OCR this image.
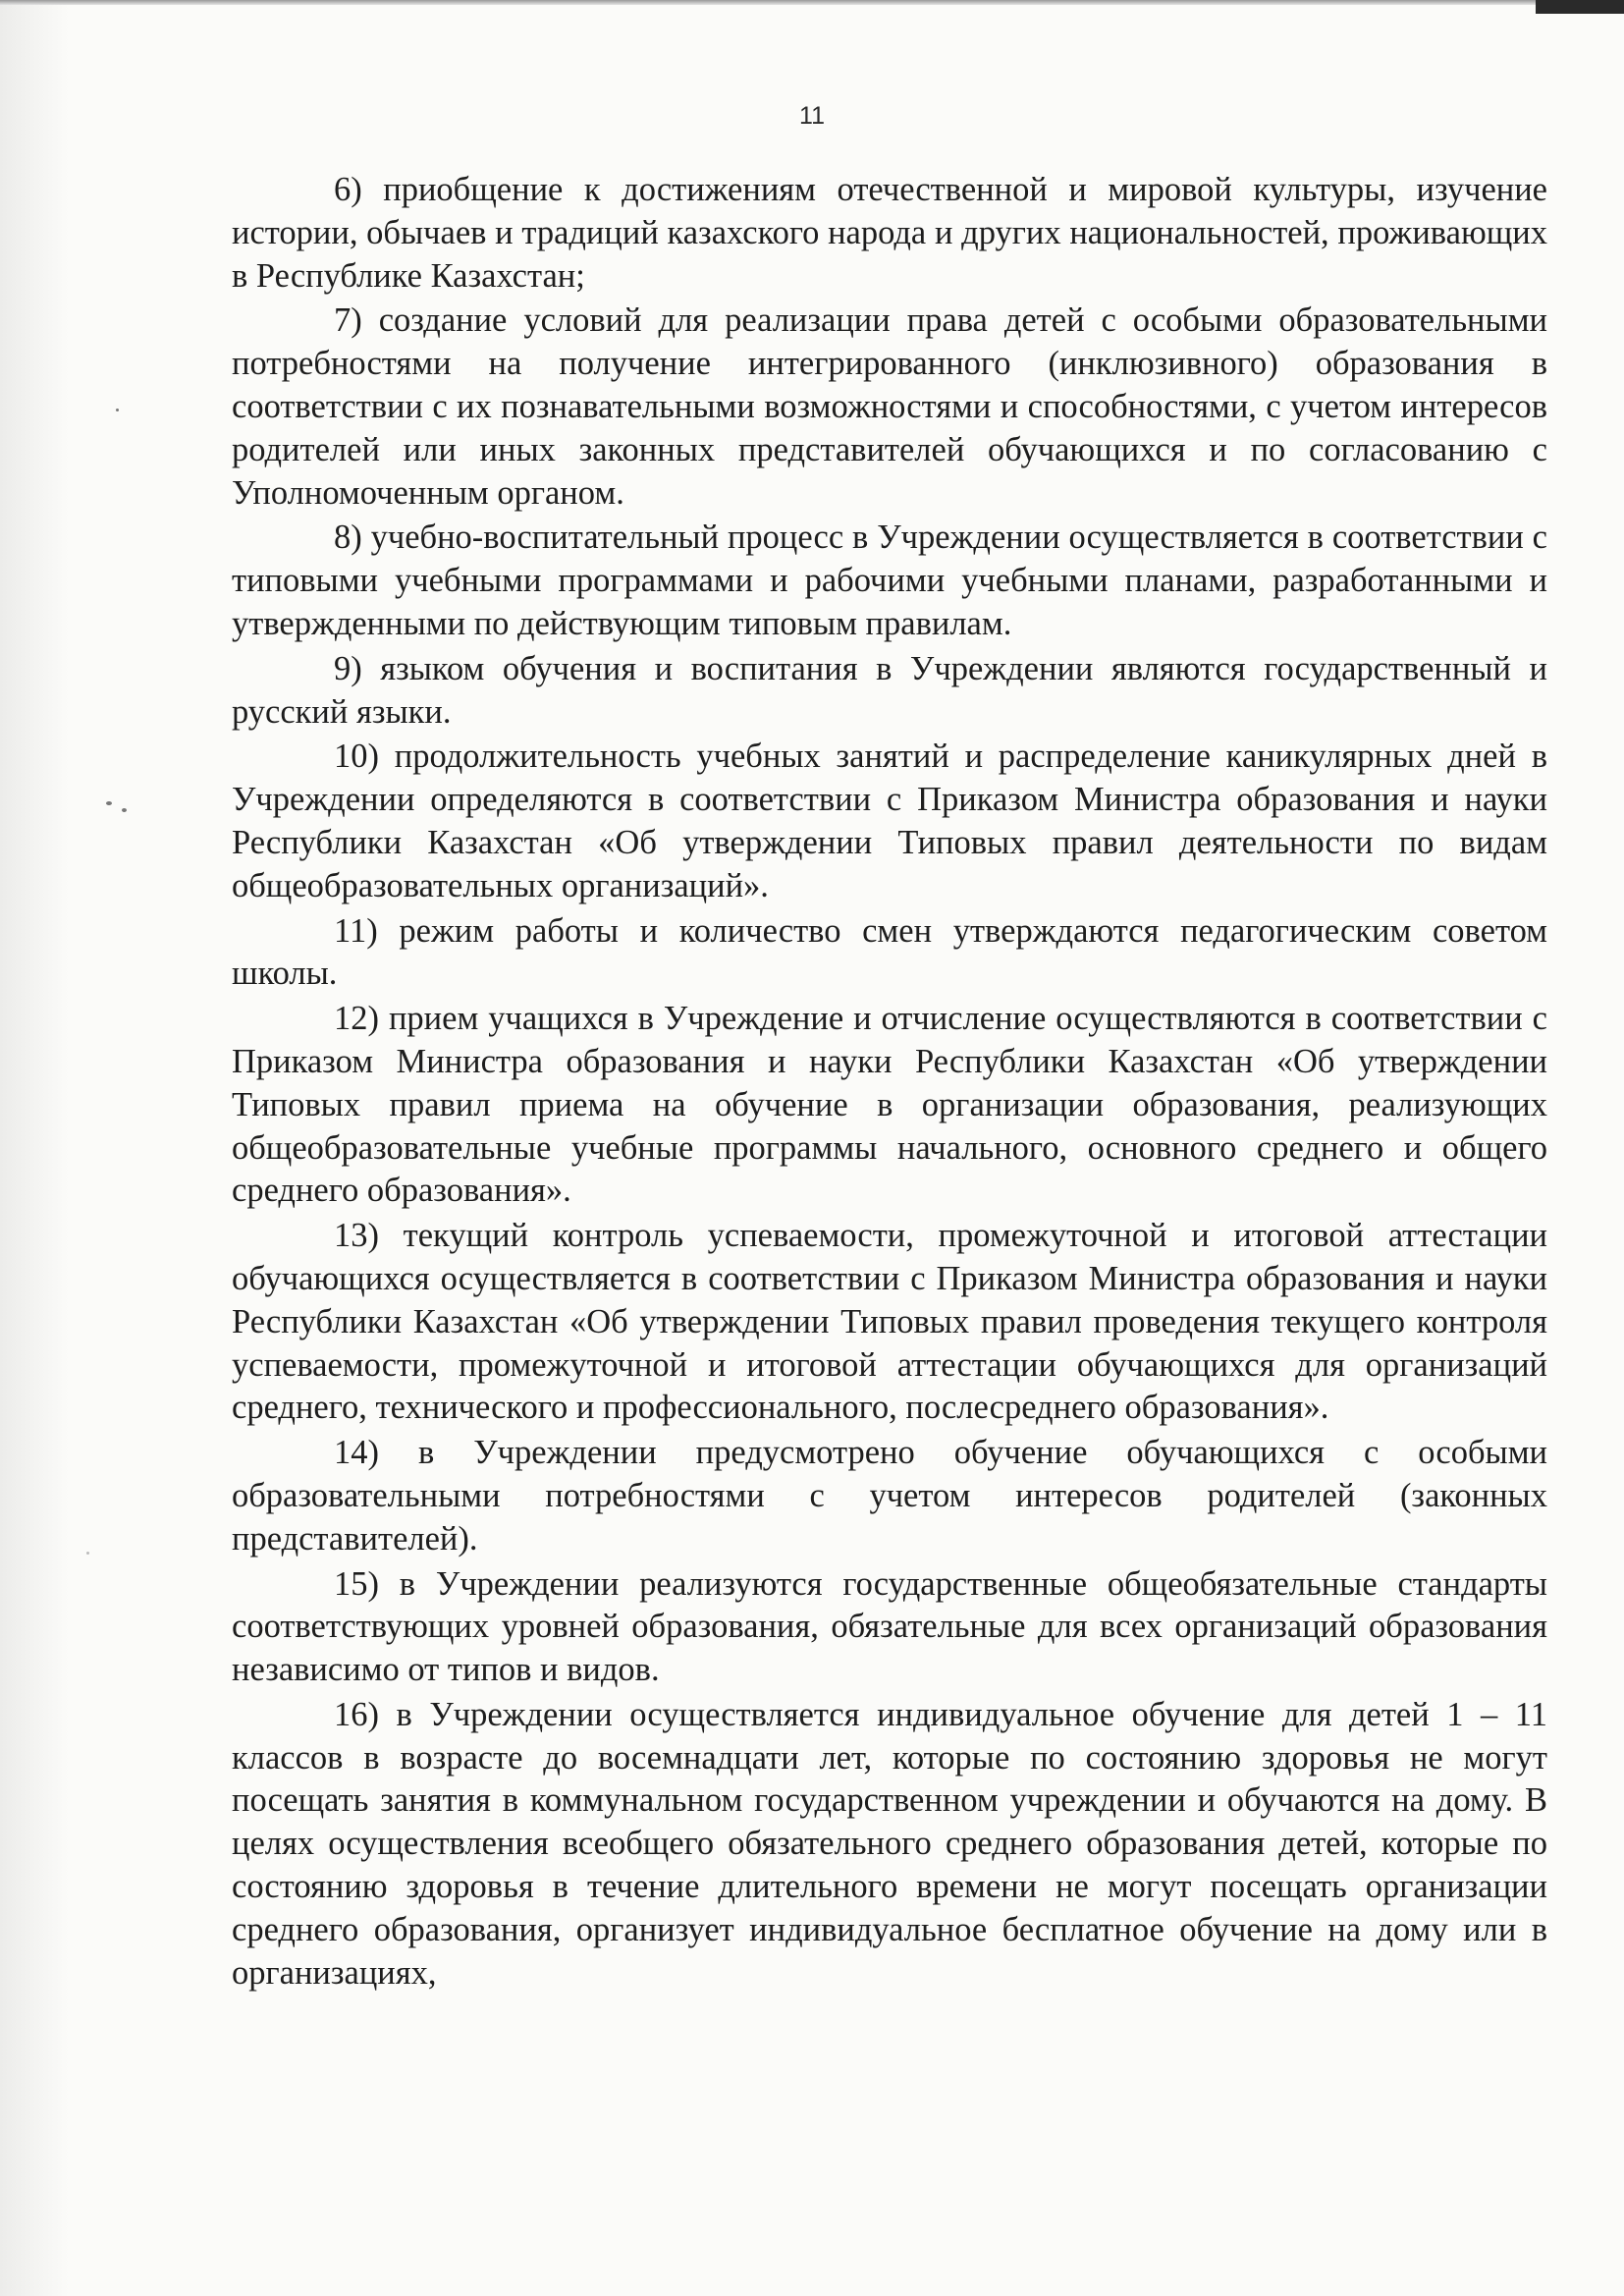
11

6) приобщение к достижениям отечественной и мировой культуры, изучение истории, обычаев и традиций казахского народа и других национальностей, проживающих в Республике Казахстан;

7) создание условий для реализации права детей с особыми образовательными потребностями на получение интегрированного (инклюзивного) образования в соответствии с их познавательными возможностями и способностями, с учетом интересов родителей или иных законных представителей обучающихся и по согласованию с Уполномоченным органом.

8) учебно-воспитательный процесс в Учреждении осуществляется в соответствии с типовыми учебными программами и рабочими учебными планами, разработанными и утвержденными по действующим типовым правилам.

9) языком обучения и воспитания в Учреждении являются государственный и русский языки.

10) продолжительность учебных занятий и распределение каникулярных дней в Учреждении определяются в соответствии с Приказом Министра образования и науки Республики Казахстан «Об утверждении Типовых правил деятельности по видам общеобразовательных организаций».

11) режим работы и количество смен утверждаются педагогическим советом школы.

12) прием учащихся в Учреждение и отчисление осуществляются в соответствии с Приказом Министра образования и науки Республики Казахстан «Об утверждении Типовых правил приема на обучение в организации образования, реализующих общеобразовательные учебные программы начального, основного среднего и общего среднего образования».

13) текущий контроль успеваемости, промежуточной и итоговой аттестации обучающихся осуществляется в соответствии с Приказом Министра образования и науки Республики Казахстан «Об утверждении Типовых правил проведения текущего контроля успеваемости, промежуточной и итоговой аттестации обучающихся для организаций среднего, технического и профессионального, послесреднего образования».

14) в Учреждении предусмотрено обучение обучающихся с особыми образовательными потребностями с учетом интересов родителей (законных представителей).

15) в Учреждении реализуются государственные общеобязательные стандарты соответствующих уровней образования, обязательные для всех организаций образования независимо от типов и видов.

16) в Учреждении осуществляется индивидуальное обучение для детей 1 – 11 классов в возрасте до восемнадцати лет, которые по состоянию здоровья не могут посещать занятия в коммунальном государственном учреждении и обучаются на дому. В целях осуществления всеобщего обязательного среднего образования детей, которые по состоянию здоровья в течение длительного времени не могут посещать организации среднего образования, организует индивидуальное бесплатное обучение на дому или в организациях,
